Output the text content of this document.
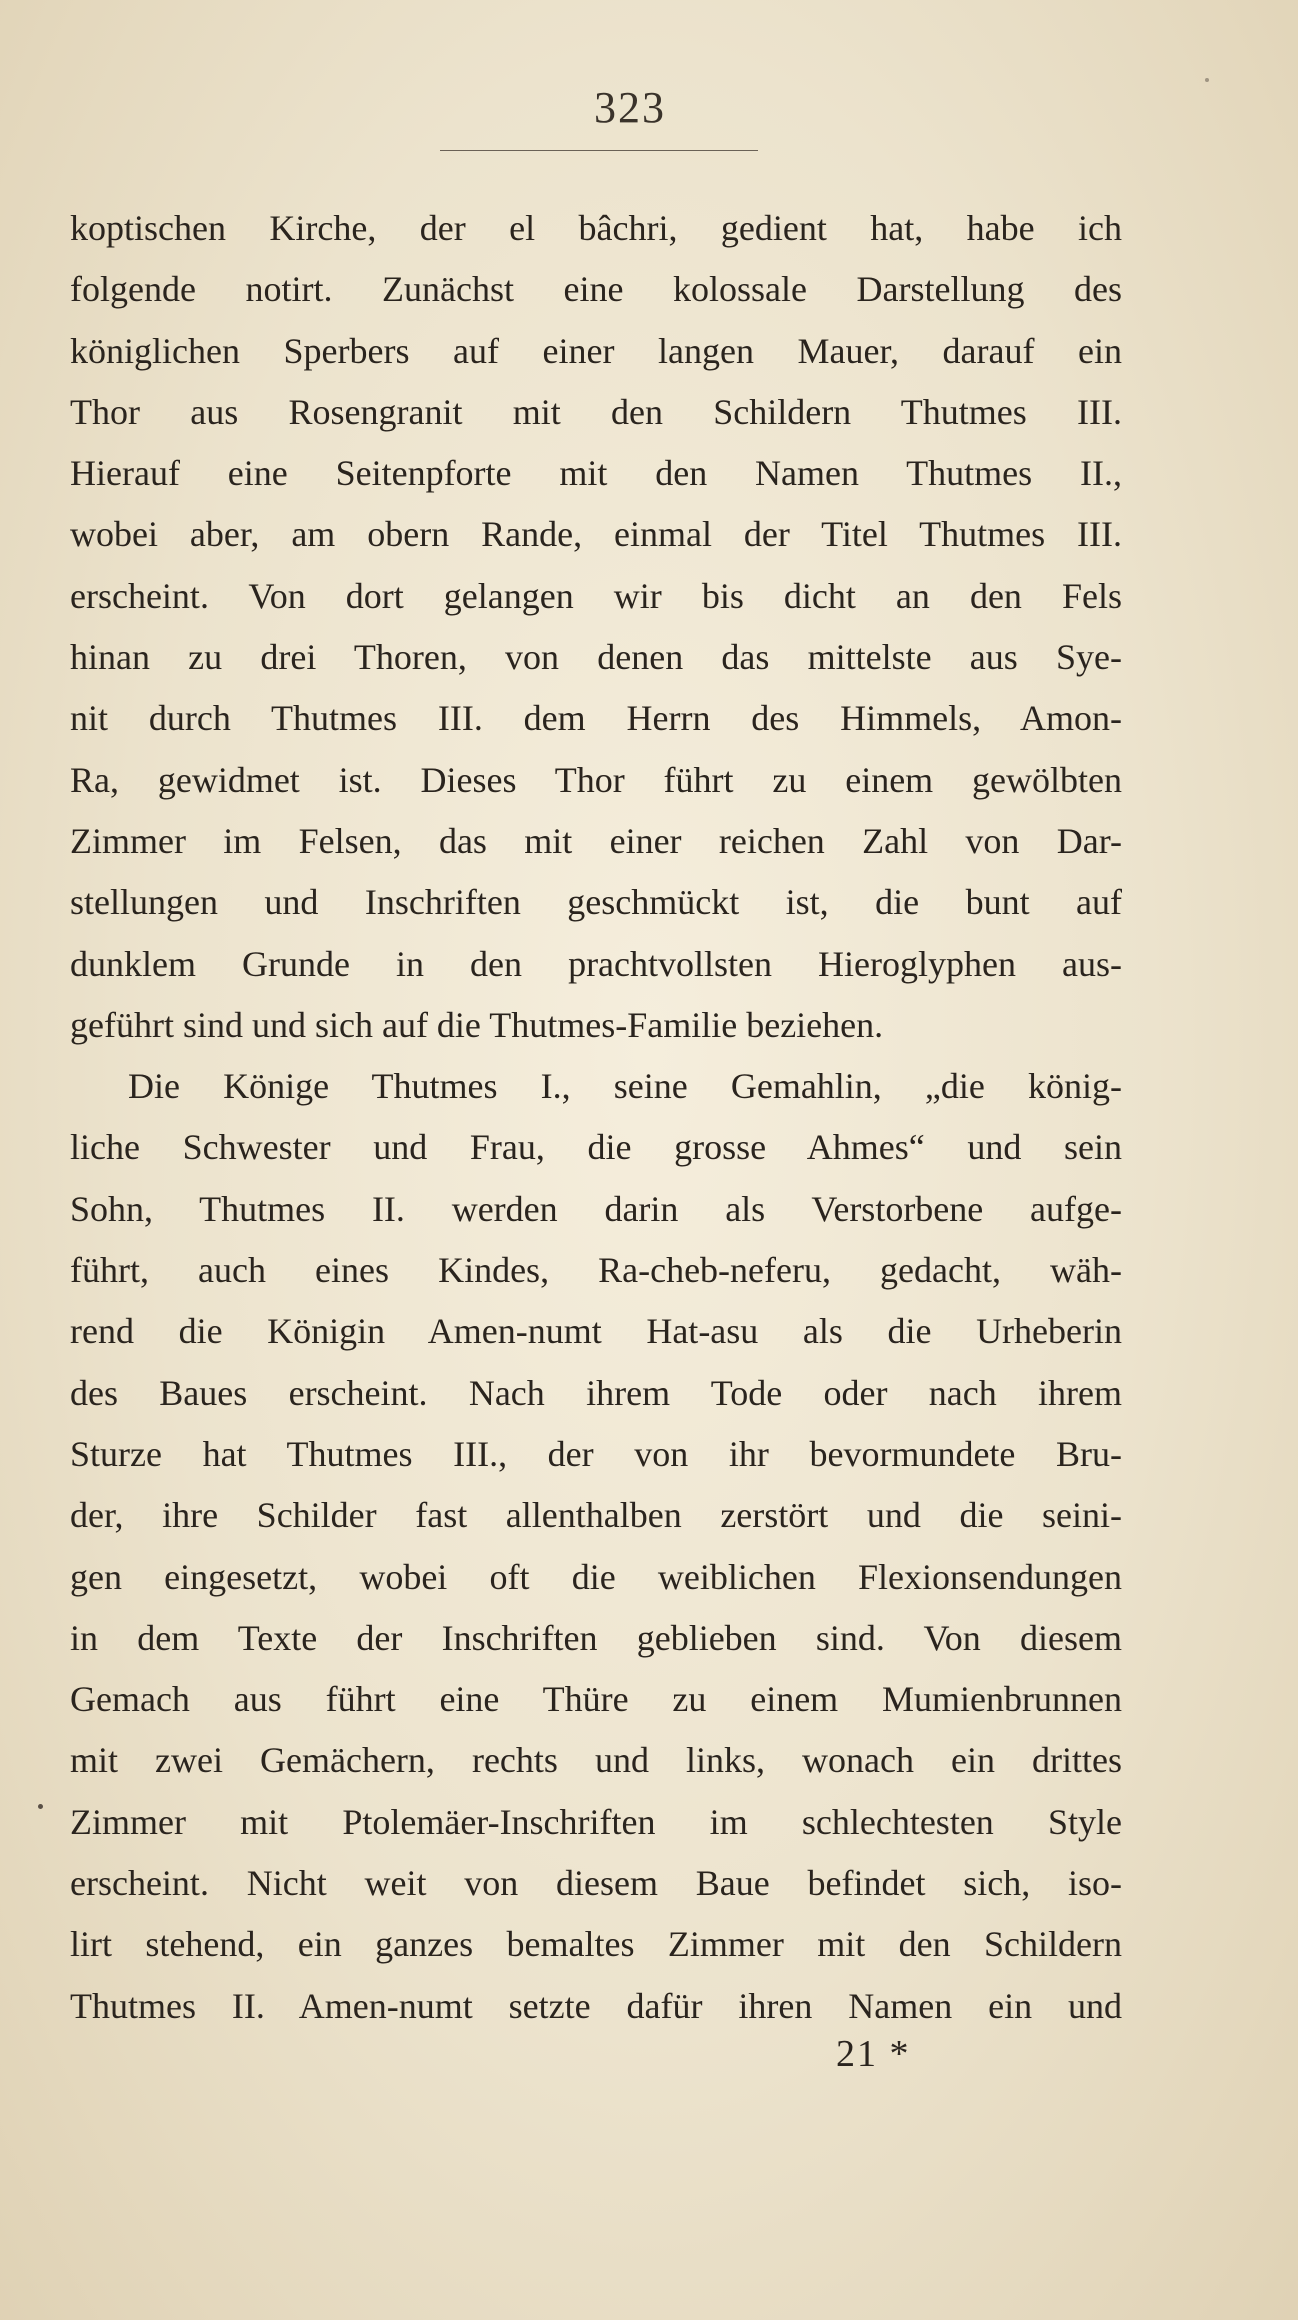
323
koptischen Kirche, der el bâchri, gedient hat, habe ich
folgende notirt. Zunächst eine kolossale Darstellung des
königlichen Sperbers auf einer langen Mauer, darauf ein
Thor aus Rosengranit mit den Schildern Thutmes III.
Hierauf eine Seitenpforte mit den Namen Thutmes II.,
wobei aber, am obern Rande, einmal der Titel Thutmes III.
erscheint. Von dort gelangen wir bis dicht an den Fels
hinan zu drei Thoren, von denen das mittelste aus Sye-
nit durch Thutmes III. dem Herrn des Himmels, Amon-
Ra, gewidmet ist. Dieses Thor führt zu einem gewölbten
Zimmer im Felsen, das mit einer reichen Zahl von Dar-
stellungen und Inschriften geschmückt ist, die bunt auf
dunklem Grunde in den prachtvollsten Hieroglyphen aus-
geführt sind und sich auf die Thutmes-Familie beziehen.
Die Könige Thutmes I., seine Gemahlin, „die könig-
liche Schwester und Frau, die grosse Ahmes“ und sein
Sohn, Thutmes II. werden darin als Verstorbene aufge-
führt, auch eines Kindes, Ra-cheb-neferu, gedacht, wäh-
rend die Königin Amen-numt Hat-asu als die Urheberin
des Baues erscheint. Nach ihrem Tode oder nach ihrem
Sturze hat Thutmes III., der von ihr bevormundete Bru-
der, ihre Schilder fast allenthalben zerstört und die seini-
gen eingesetzt, wobei oft die weiblichen Flexionsendungen
in dem Texte der Inschriften geblieben sind. Von diesem
Gemach aus führt eine Thüre zu einem Mumienbrunnen
mit zwei Gemächern, rechts und links, wonach ein drittes
Zimmer mit Ptolemäer-Inschriften im schlechtesten Style
erscheint. Nicht weit von diesem Baue befindet sich, iso-
lirt stehend, ein ganzes bemaltes Zimmer mit den Schildern
Thutmes II. Amen-numt setzte dafür ihren Namen ein und
21 *
